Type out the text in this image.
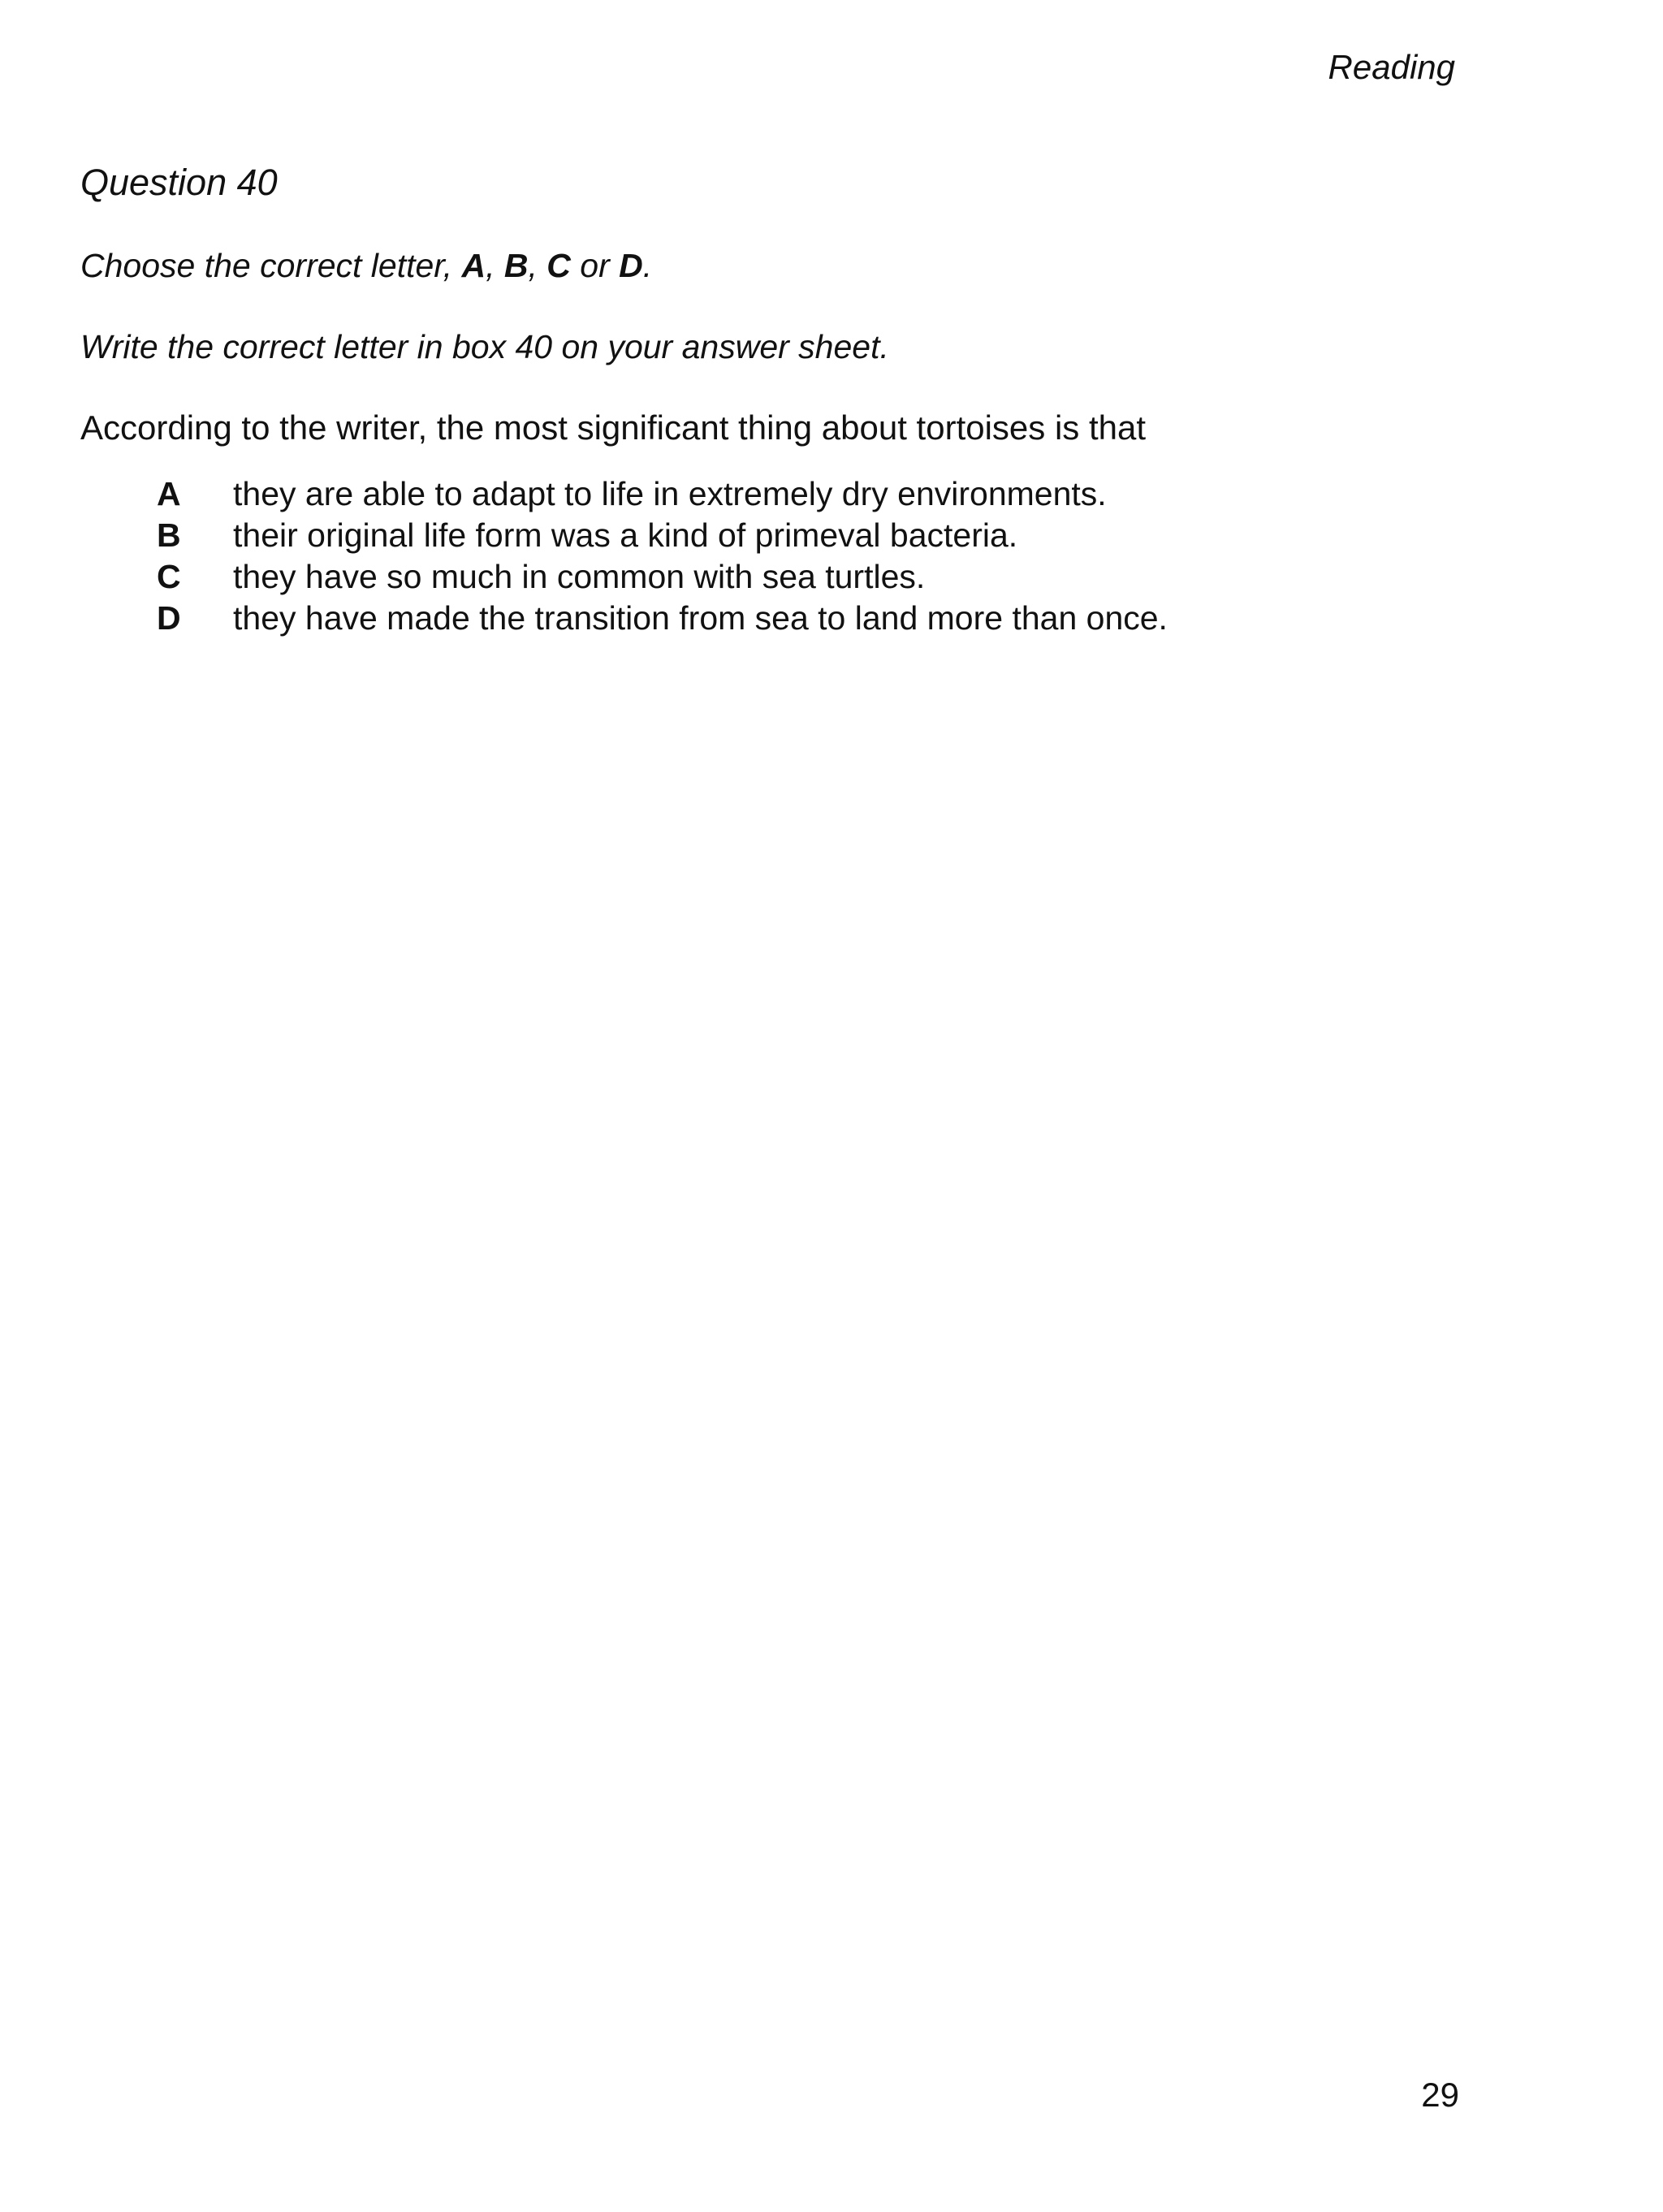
Reading
Question 40
Choose the correct letter, A, B, C or D.
Write the correct letter in box 40 on your answer sheet.
According to the writer, the most significant thing about tortoises is that
A	they are able to adapt to life in extremely dry environments.
B	their original life form was a kind of primeval bacteria.
C	they have so much in common with sea turtles.
D	they have made the transition from sea to land more than once.
29
